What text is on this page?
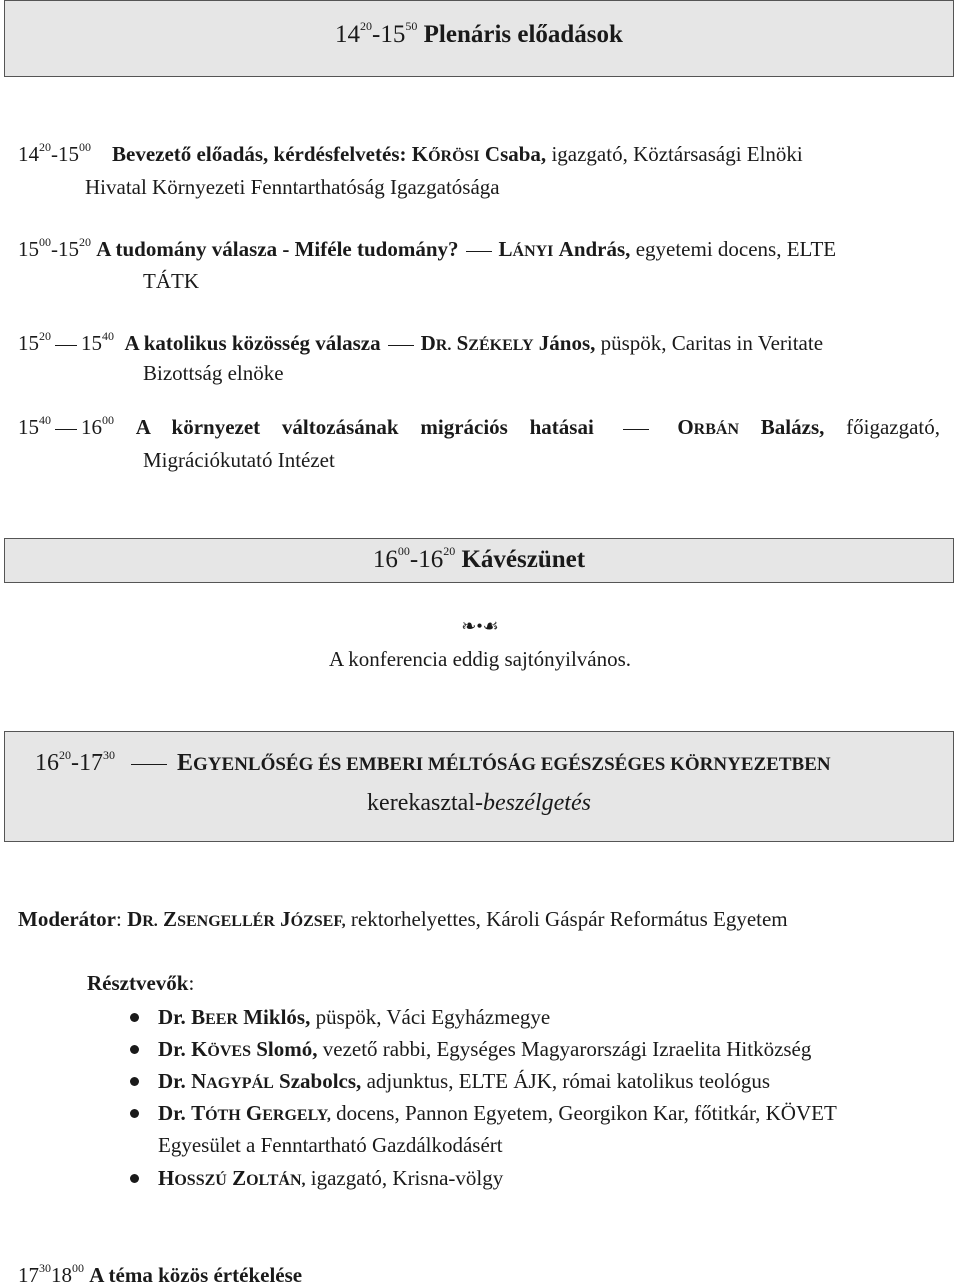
$14^{20}-15^{50}$ Plenáris előadások
$14^{20}-15^{00}$ Bevezető előadás, kérdésfelvetés: KŐRÖSI Csaba, igazgató, Köztársasági Elnöki
Hivatal Környezeti Fenntarthatóság Igazgatósága
$15^{00}-15^{20}$ A tudomány válasza - Miféle tudomány? LÁNYI András, egyetemi docens, ELTE
TÁTK
$15^{20}$ $15^{40}$ A katolikus közösség válasza DR. SZÉKELY János, püspök, Caritas in Veritate
Bizottság elnöke
$15^{40}$ $16^{00}$ A környezet változásának migrációs hatásai	ORBÁN Balázs, főigazgató,
Migrációkutató Intézet
$16^{00}-16^{20}$ Kávészünet
❧•☙
A konferencia eddig sajtónyilvános.
$16^{20}-17^{30}$	EGYENLŐSÉG ÉS EMBERI MÉLTÓSÁG EGÉSZSÉGES KÖRNYEZETBEN
kerekasztal-beszélgetés
Moderátor: DR. ZSENGELLÉR JÓZSEF, rektorhelyettes, Károli Gáspár Református Egyetem
Résztvevők:
Dr. BEER Miklós, püspök, Váci Egyházmegye
Dr. KÖVES Slomó, vezető rabbi, Egységes Magyarországi Izraelita Hitközség
Dr. NAGYPÁL Szabolcs, adjunktus, ELTE ÁJK, római katolikus teológus
Dr. TÓTH GERGELY, docens, Pannon Egyetem, Georgikon Kar, főtitkár, KÖVET
Egyesület a Fenntartható Gazdálkodásért
HOSSZÚ ZOLTÁN, igazgató, Krisna-völgy
$17^{30}18^{00}$ A téma közös értékelése
